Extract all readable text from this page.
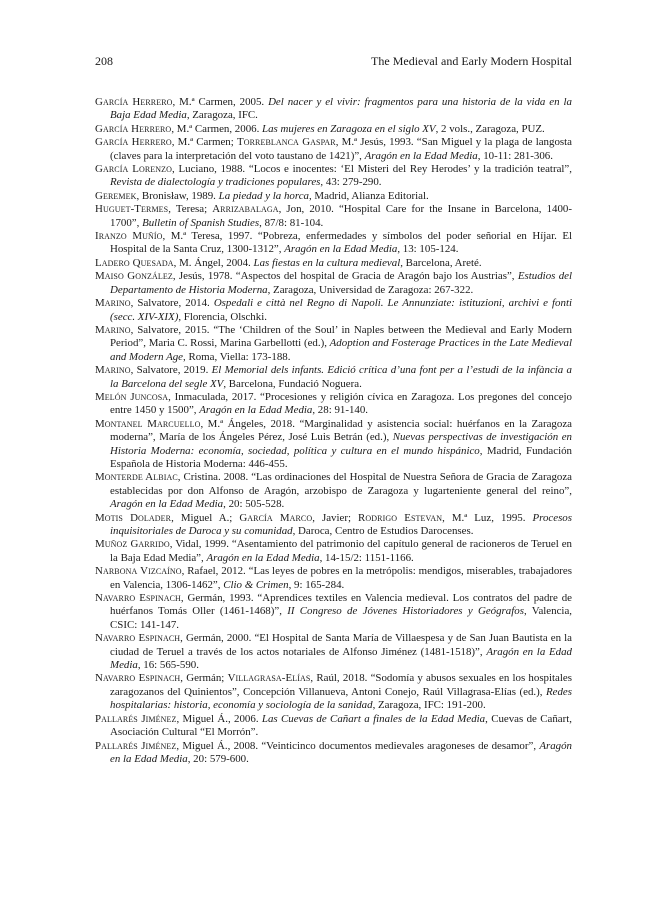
208	The Medieval and Early Modern Hospital
García Herrero, M.ª Carmen, 2005. Del nacer y el vivir: fragmentos para una historia de la vida en la Baja Edad Media, Zaragoza, IFC.
García Herrero, M.ª Carmen, 2006. Las mujeres en Zaragoza en el siglo XV, 2 vols., Zaragoza, PUZ.
García Herrero, M.ª Carmen; Torreblanca Gaspar, M.ª Jesús, 1993. “San Miguel y la plaga de langosta (claves para la interpretación del voto taustano de 1421)”, Aragón en la Edad Media, 10-11: 281-306.
García Lorenzo, Luciano, 1988. “Locos e inocentes: ‘El Misteri del Rey Herodes’ y la tradición teatral”, Revista de dialectología y tradiciones populares, 43: 279-290.
Geremek, Bronisław, 1989. La piedad y la horca, Madrid, Alianza Editorial.
Huguet-Termes, Teresa; Arrizabalaga, Jon, 2010. “Hospital Care for the Insane in Barcelona, 1400-1700”, Bulletin of Spanish Studies, 87/8: 81-104.
Iranzo Muñío, M.ª Teresa, 1997. “Pobreza, enfermedades y símbolos del poder señorial en Híjar. El Hospital de la Santa Cruz, 1300-1312”, Aragón en la Edad Media, 13: 105-124.
Ladero Quesada, M. Ángel, 2004. Las fiestas en la cultura medieval, Barcelona, Areté.
Maiso González, Jesús, 1978. “Aspectos del hospital de Gracia de Aragón bajo los Austrias”, Estudios del Departamento de Historia Moderna, Zaragoza, Universidad de Zaragoza: 267-322.
Marino, Salvatore, 2014. Ospedali e città nel Regno di Napoli. Le Annunziate: istituzioni, archivi e fonti (secc. XIV-XIX), Florencia, Olschki.
Marino, Salvatore, 2015. “The ‘Children of the Soul’ in Naples between the Medieval and Early Modern Period”, Maria C. Rossi, Marina Garbellotti (ed.), Adoption and Fosterage Practices in the Late Medieval and Modern Age, Roma, Viella: 173-188.
Marino, Salvatore, 2019. El Memorial dels infants. Edició crítica d’una font per a l’estudi de la infància a la Barcelona del segle XV, Barcelona, Fundació Noguera.
Melón Juncosa, Inmaculada, 2017. “Procesiones y religión cívica en Zaragoza. Los pregones del concejo entre 1450 y 1500”, Aragón en la Edad Media, 28: 91-140.
Montanel Marcuello, M.ª Ángeles, 2018. “Marginalidad y asistencia social: huérfanos en la Zaragoza moderna”, María de los Ángeles Pérez, José Luis Betrán (ed.), Nuevas perspectivas de investigación en Historia Moderna: economía, sociedad, política y cultura en el mundo hispánico, Madrid, Fundación Española de Historia Moderna: 446-455.
Monterde Albiac, Cristina. 2008. “Las ordinaciones del Hospital de Nuestra Señora de Gracia de Zaragoza establecidas por don Alfonso de Aragón, arzobispo de Zaragoza y lugarteniente general del reino”, Aragón en la Edad Media, 20: 505-528.
Motis Dolader, Miguel A.; García Marco, Javier; Rodrigo Estevan, M.ª Luz, 1995. Procesos inquisitoriales de Daroca y su comunidad, Daroca, Centro de Estudios Darocenses.
Muñoz Garrido, Vidal, 1999. “Asentamiento del patrimonio del capítulo general de racioneros de Teruel en la Baja Edad Media”, Aragón en la Edad Media, 14-15/2: 1151-1166.
Narbona Vizcaíno, Rafael, 2012. “Las leyes de pobres en la metrópolis: mendigos, miserables, trabajadores en Valencia, 1306-1462”, Clio & Crimen, 9: 165-284.
Navarro Espinach, Germán, 1993. “Aprendices textiles en Valencia medieval. Los contratos del padre de huérfanos Tomás Oller (1461-1468)”, II Congreso de Jóvenes Historiadores y Geógrafos, Valencia, CSIC: 141-147.
Navarro Espinach, Germán, 2000. “El Hospital de Santa María de Villaespesa y de San Juan Bautista en la ciudad de Teruel a través de los actos notariales de Alfonso Jiménez (1481-1518)”, Aragón en la Edad Media, 16: 565-590.
Navarro Espinach, Germán; Villagrasa-Elías, Raúl, 2018. “Sodomía y abusos sexuales en los hospitales zaragozanos del Quinientos”, Concepción Villanueva, Antoni Conejo, Raúl Villagrasa-Elías (ed.), Redes hospitalarias: historia, economía y sociología de la sanidad, Zaragoza, IFC: 191-200.
Pallarés Jiménez, Miguel Á., 2006. Las Cuevas de Cañart a finales de la Edad Media, Cuevas de Cañart, Asociación Cultural “El Morrón”.
Pallarés Jiménez, Miguel Á., 2008. “Veinticinco documentos medievales aragoneses de desamor”, Aragón en la Edad Media, 20: 579-600.
